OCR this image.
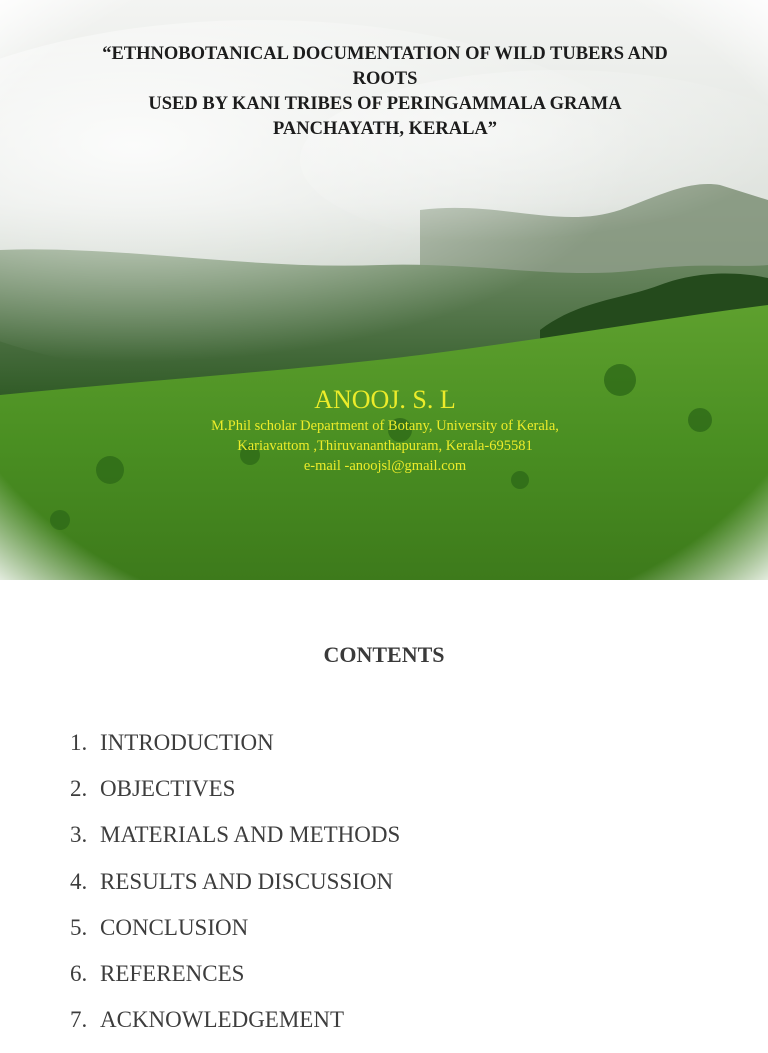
“ETHNOBOTANICAL DOCUMENTATION OF WILD TUBERS AND
ROOTS
USED BY KANI TRIBES OF PERINGAMMALA GRAMA
PANCHAYATH, KERALA”
ANOOJ. S. L
M.Phil scholar Department of Botany, University of Kerala,
Kariavattom ,Thiruvananthapuram, Kerala-695581
e-mail -anoojsl@gmail.com
CONTENTS
1. INTRODUCTION
2. OBJECTIVES
3. MATERIALS AND METHODS
4. RESULTS AND DISCUSSION
5. CONCLUSION
6. REFERENCES
7. ACKNOWLEDGEMENT
